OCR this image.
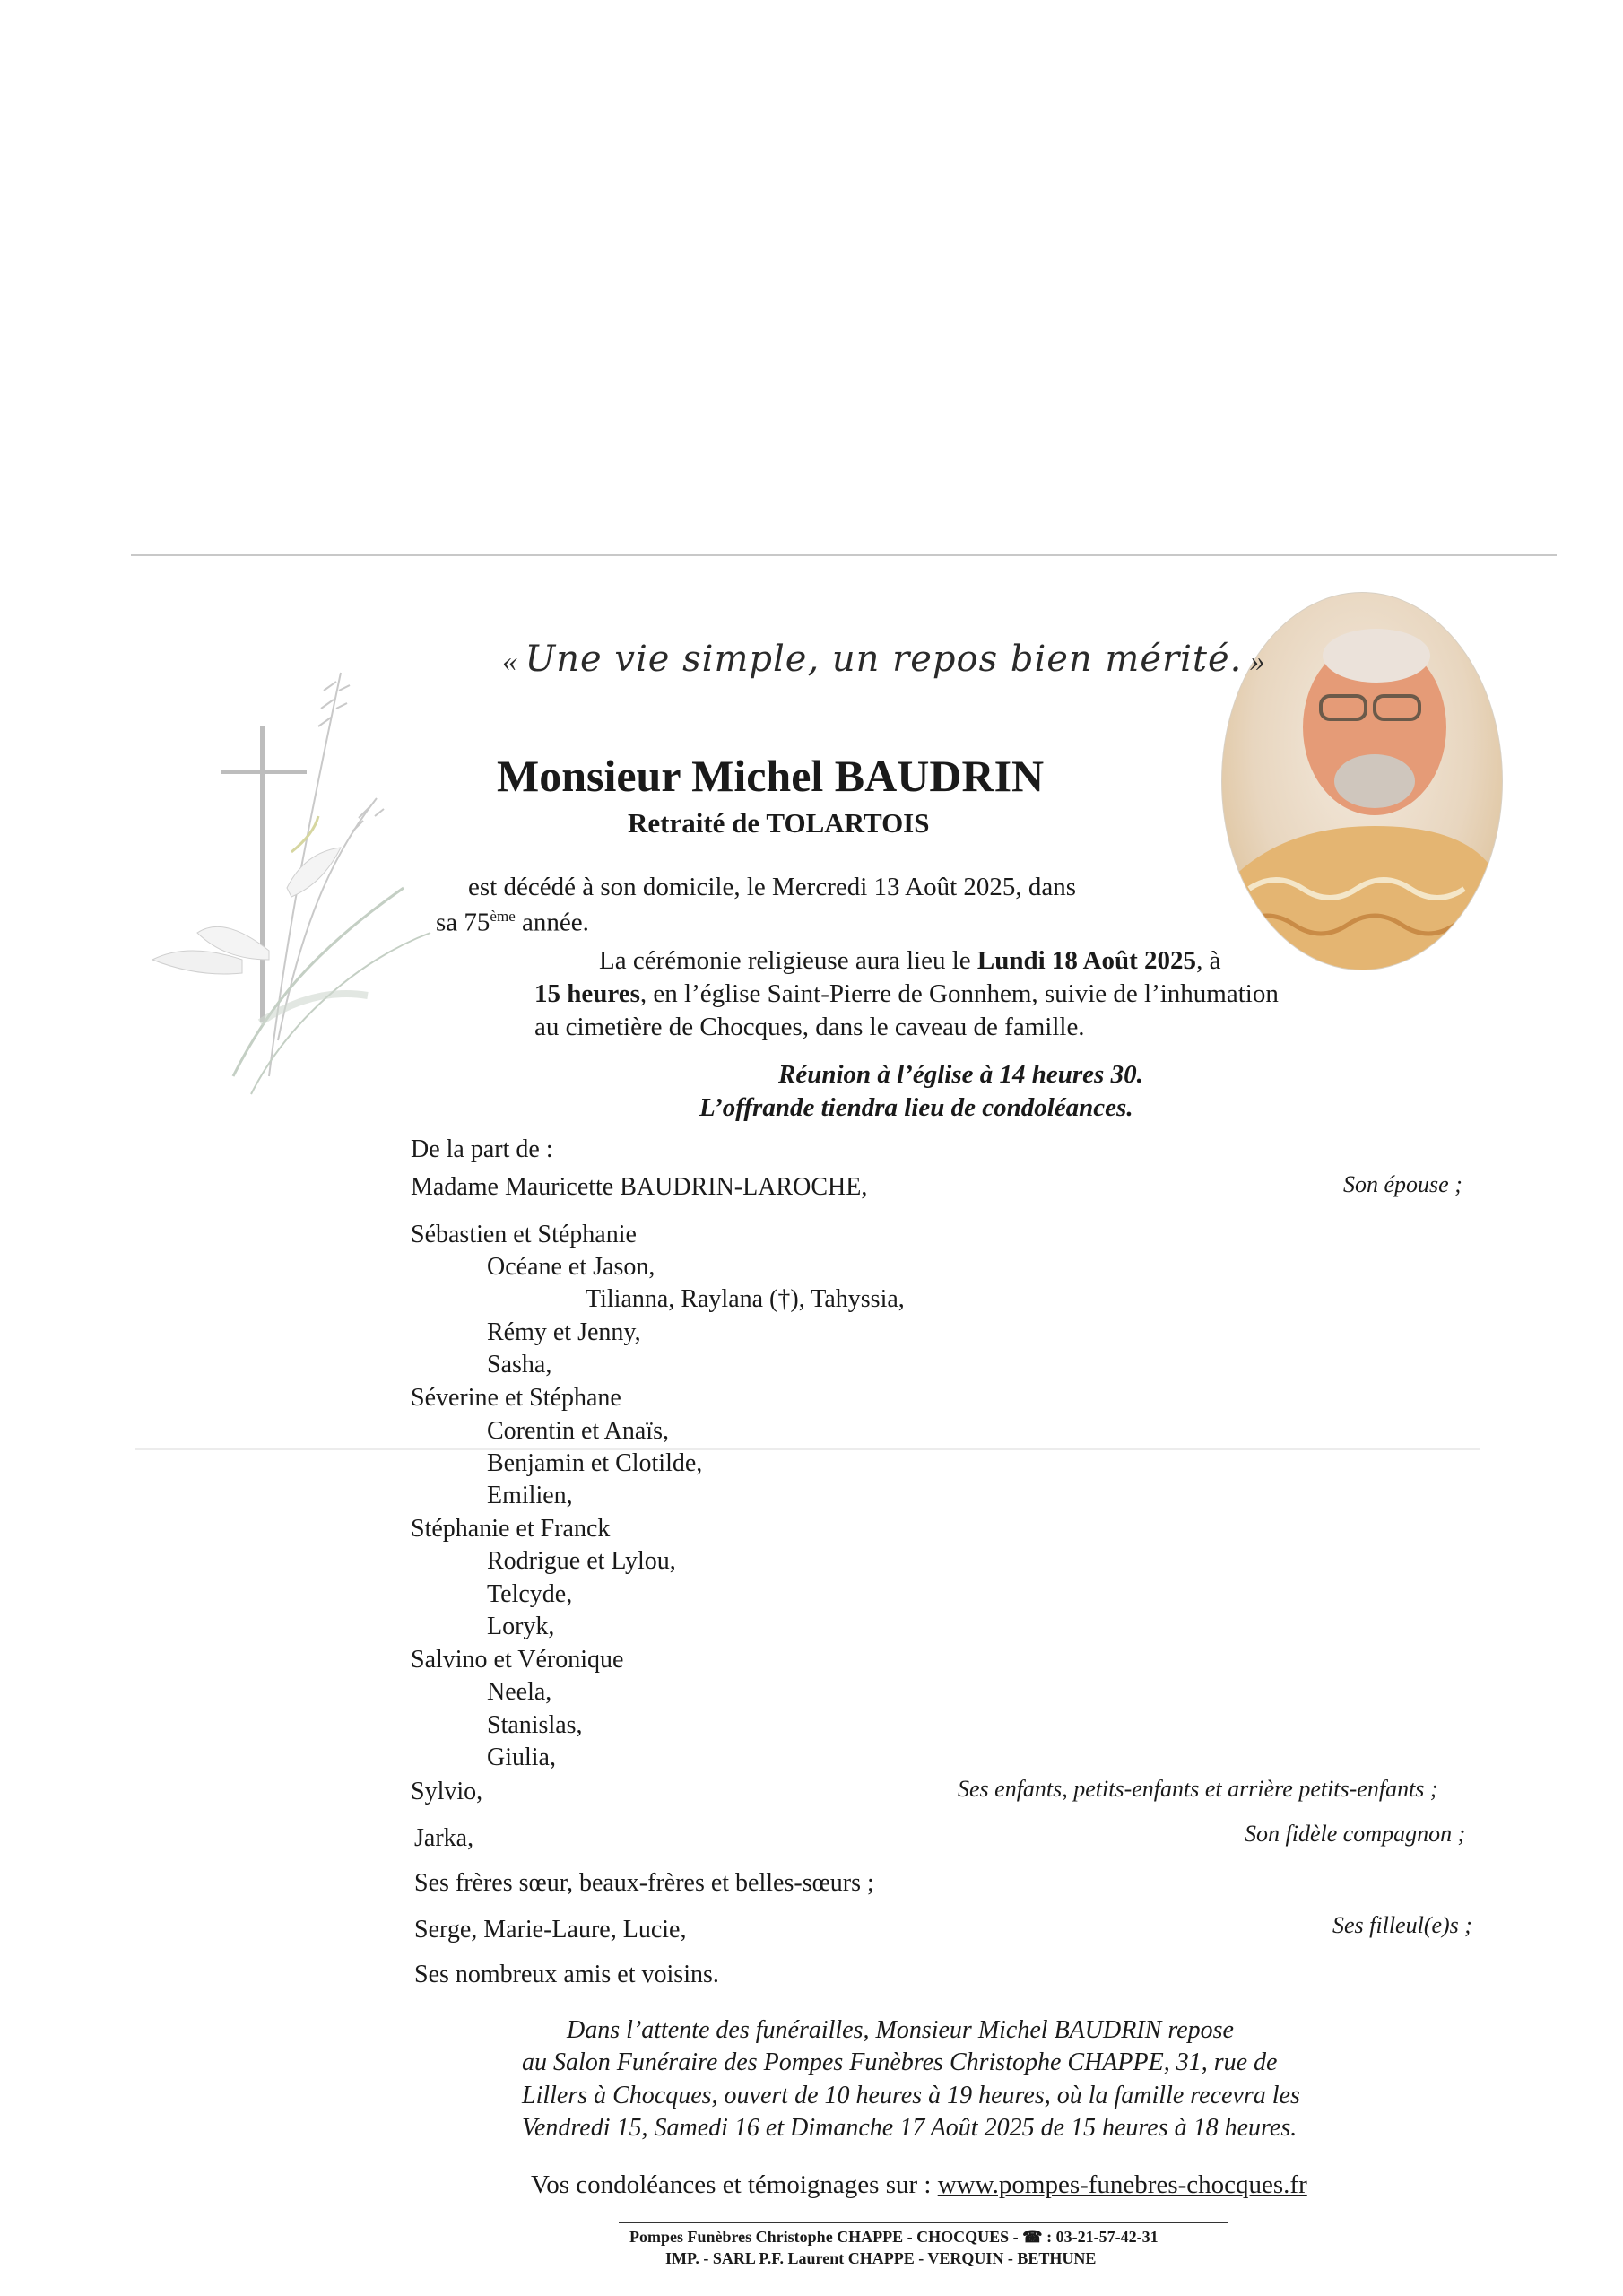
« Une vie simple, un repos bien mérité. »
Monsieur Michel BAUDRIN
Retraité de TOLARTOIS
est décédé à son domicile, le Mercredi 13 Août 2025, dans
sa 75ème année.
La cérémonie religieuse aura lieu le Lundi 18 Août 2025, à
15 heures, en l’église Saint-Pierre de Gonnhem, suivie de l’inhumation
au cimetière de Chocques, dans le caveau de famille.
Réunion à l’église à 14 heures 30.
L’offrande tiendra lieu de condoléances.
De la part de :
Madame Mauricette BAUDRIN-LAROCHE,	Son épouse ;
Sébastien et Stéphanie
Océane et Jason,
Tilianna, Raylana (†), Tahyssia,
Rémy et Jenny,
Sasha,
Séverine et Stéphane
Corentin et Anaïs,
Benjamin et Clotilde,
Emilien,
Stéphanie et Franck
Rodrigue et Lylou,
Telcyde,
Loryk,
Salvino et Véronique
Neela,
Stanislas,
Giulia,
Sylvio,	Ses enfants, petits-enfants et arrière petits-enfants ;
Jarka,	Son fidèle compagnon ;
Ses frères sœur, beaux-frères et belles-sœurs ;
Serge, Marie-Laure, Lucie,	Ses filleul(e)s ;
Ses nombreux amis et voisins.
Dans l’attente des funérailles, Monsieur Michel BAUDRIN repose
au Salon Funéraire des Pompes Funèbres Christophe CHAPPE, 31, rue de
Lillers à Chocques, ouvert de 10 heures à 19 heures, où la famille recevra les
Vendredi 15, Samedi 16 et Dimanche 17 Août 2025 de 15 heures à 18 heures.
Vos condoléances et témoignages sur : www.pompes-funebres-chocques.fr
Pompes Funèbres Christophe CHAPPE - CHOCQUES - ☎ : 03-21-57-42-31
IMP. - SARL P.F. Laurent CHAPPE - VERQUIN - BETHUNE
